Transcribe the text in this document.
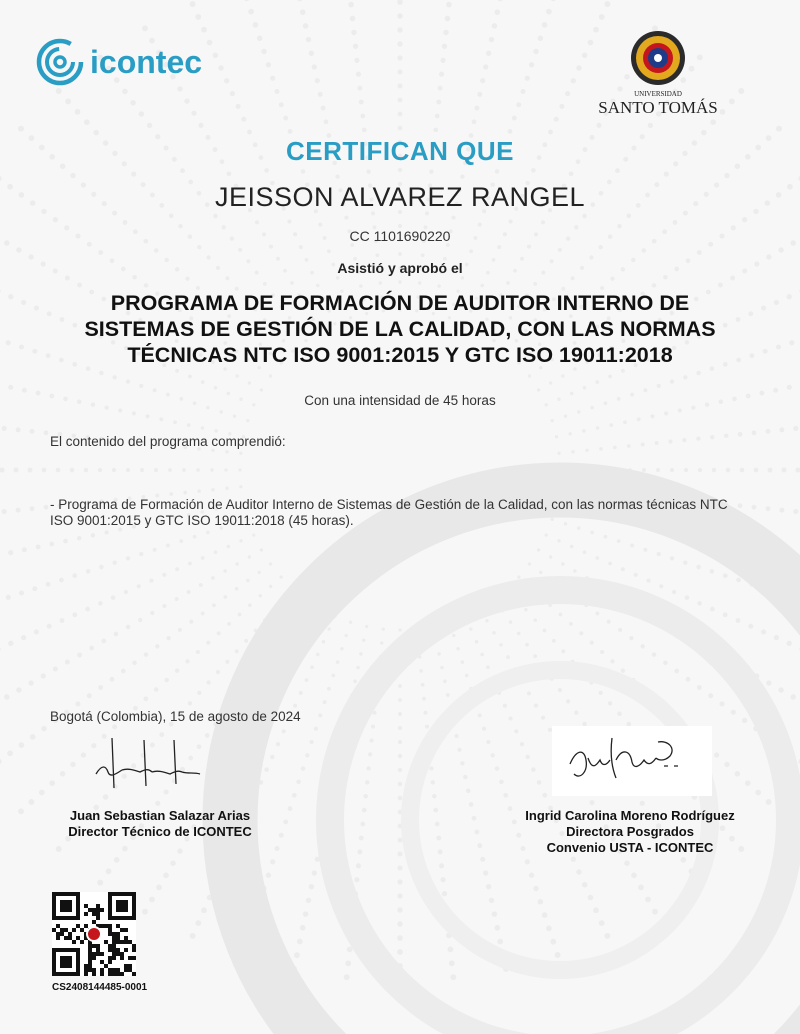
icontec
UNIVERSIDAD
SANTO TOMÁS
CERTIFICAN QUE
JEISSON ALVAREZ RANGEL
CC 1101690220
Asistió y aprobó el
PROGRAMA DE FORMACIÓN DE AUDITOR INTERNO DE
SISTEMAS DE GESTIÓN DE LA CALIDAD, CON LAS NORMAS
TÉCNICAS NTC ISO 9001:2015 Y GTC ISO 19011:2018
Con una intensidad de 45 horas
El contenido del programa comprendió:
- Programa de Formación de Auditor Interno de Sistemas de Gestión de la Calidad, con las normas técnicas NTC ISO 9001:2015 y GTC ISO 19011:2018 (45 horas).
Bogotá (Colombia), 15 de agosto de 2024
Juan Sebastian Salazar Arias
Director Técnico de ICONTEC
Ingrid Carolina Moreno Rodríguez
Directora Posgrados
Convenio USTA - ICONTEC
CS2408144485-0001
